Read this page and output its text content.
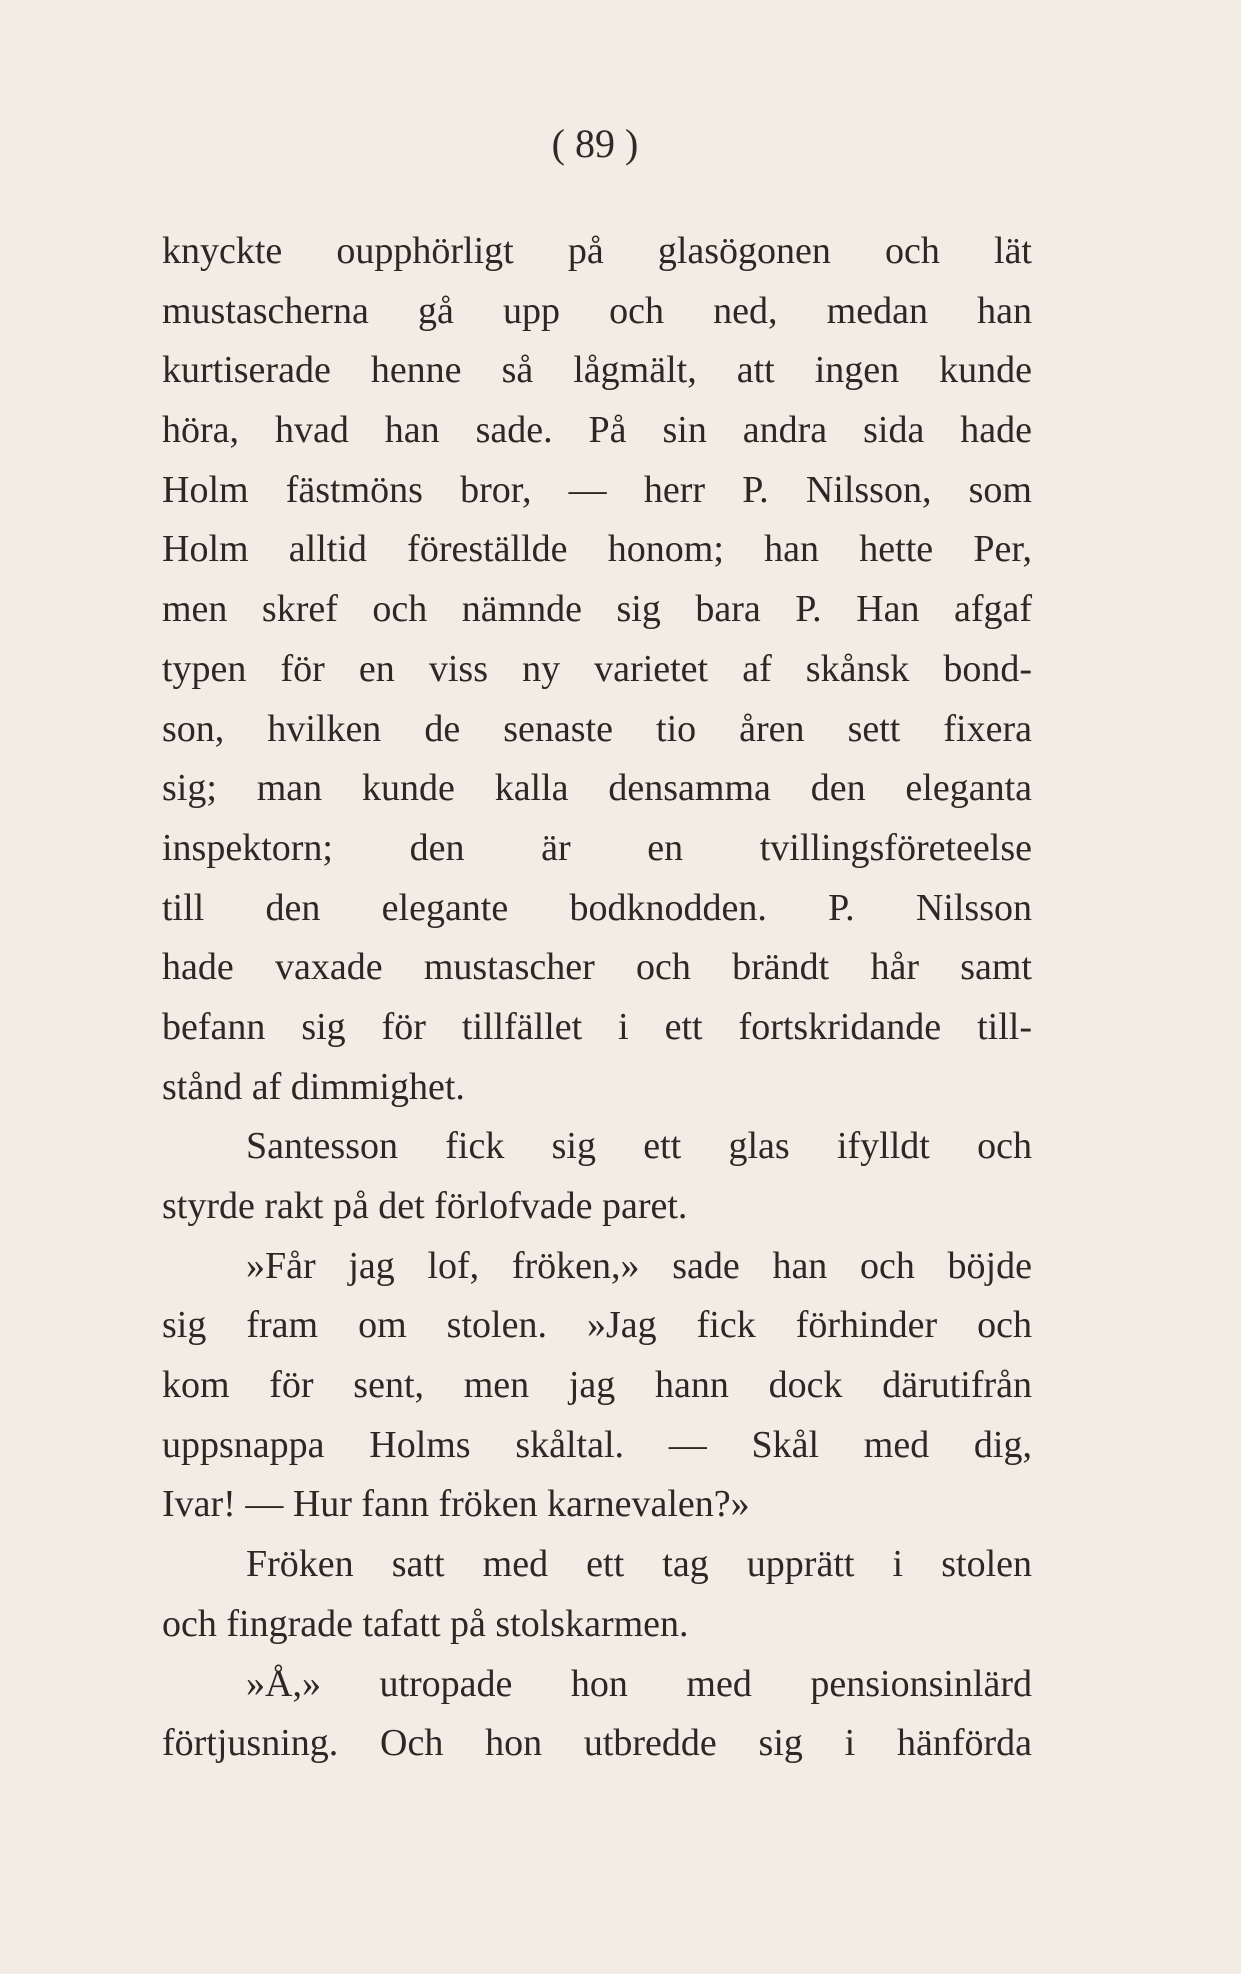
( 89 )
knyckte oupphörligt på glasögonen och lät
mustascherna gå upp och ned, medan han
kurtiserade henne så lågmält, att ingen kunde
höra, hvad han sade. På sin andra sida hade
Holm fästmöns bror, — herr P. Nilsson, som
Holm alltid föreställde honom; han hette Per,
men skref och nämnde sig bara P. Han afgaf
typen för en viss ny varietet af skånsk bond-
son, hvilken de senaste tio åren sett fixera
sig; man kunde kalla densamma den eleganta
inspektorn; den är en tvillingsföreteelse
till den elegante bodknodden. P. Nilsson
hade vaxade mustascher och brändt hår samt
befann sig för tillfället i ett fortskridande till-
stånd af dimmighet.
Santesson fick sig ett glas ifylldt och
styrde rakt på det förlofvade paret.
»Får jag lof, fröken,» sade han och böjde
sig fram om stolen. »Jag fick förhinder och
kom för sent, men jag hann dock därutifrån
uppsnappa Holms skåltal. — Skål med dig,
Ivar! — Hur fann fröken karnevalen?»
Fröken satt med ett tag upprätt i stolen
och fingrade tafatt på stolskarmen.
»Å,» utropade hon med pensionsinlärd
förtjusning. Och hon utbredde sig i hänförda
